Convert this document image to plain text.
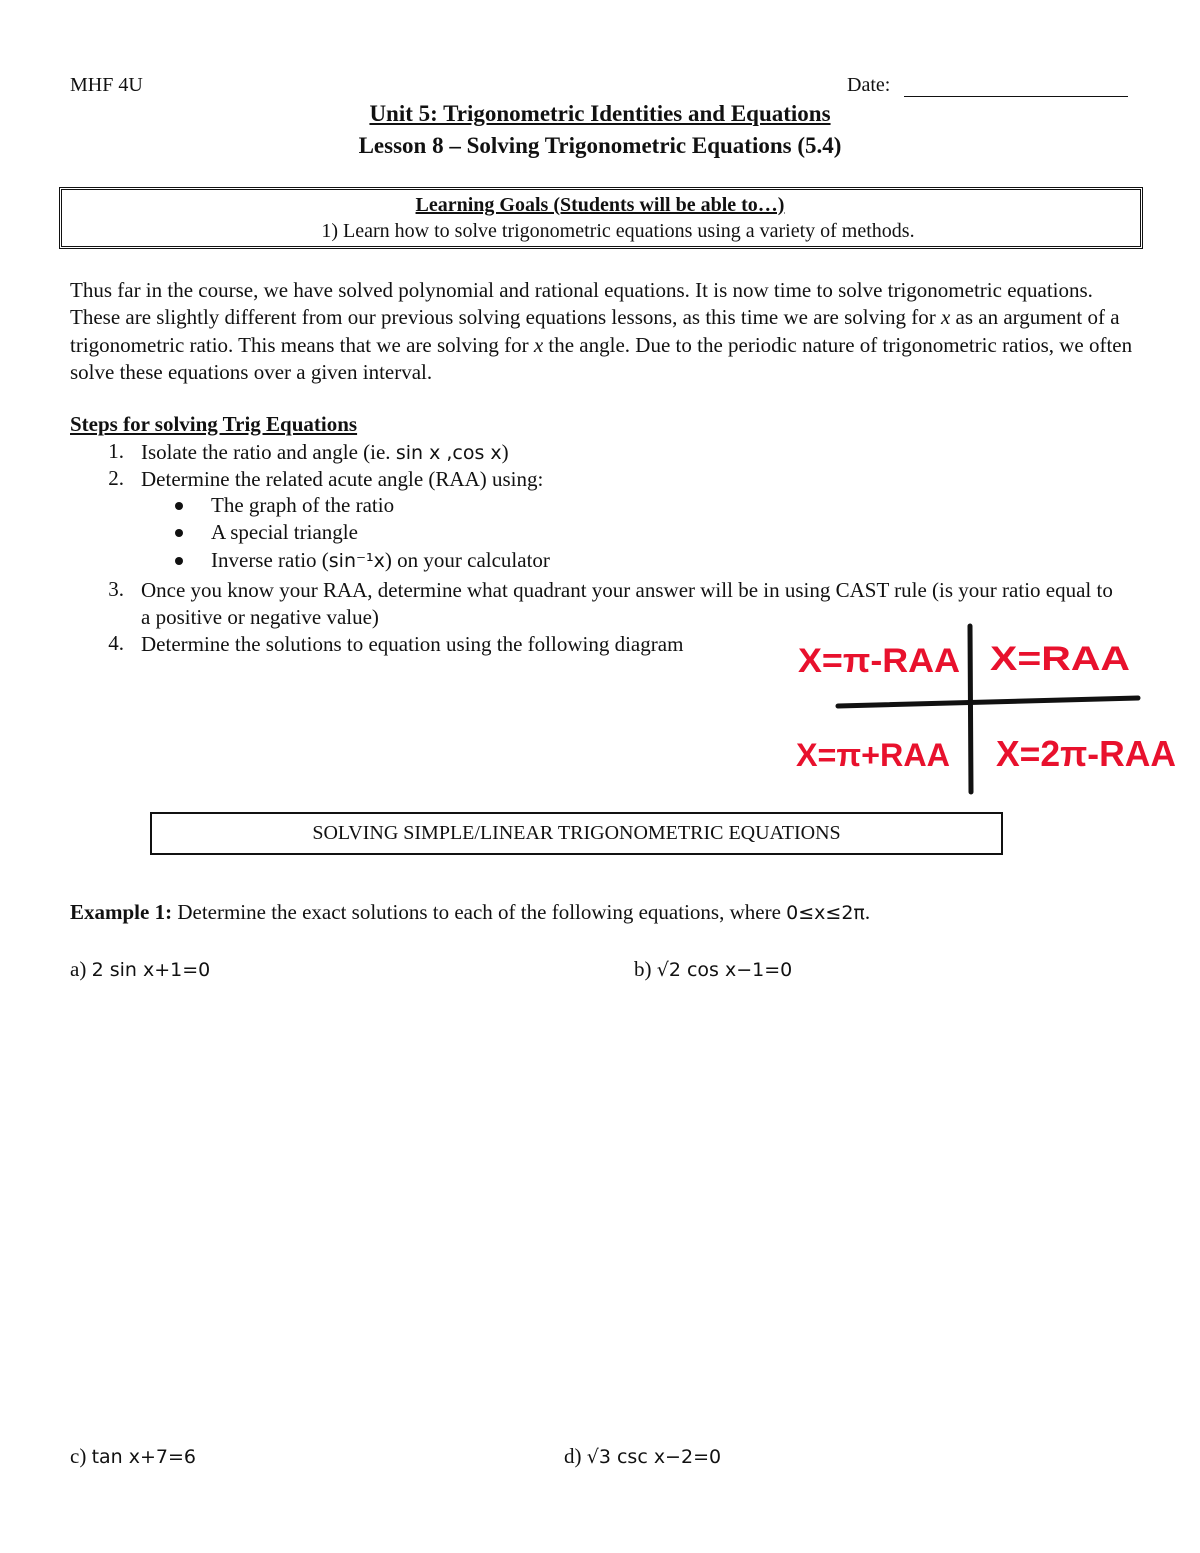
MHF 4U	Date:
Unit 5: Trigonometric Identities and Equations
Lesson 8 – Solving Trigonometric Equations (5.4)
Learning Goals (Students will be able to…)
1) Learn how to solve trigonometric equations using a variety of methods.
Thus far in the course, we have solved polynomial and rational equations. It is now time to solve trigonometric equations. These are slightly different from our previous solving equations lessons, as this time we are solving for x as an argument of a trigonometric ratio. This means that we are solving for x the angle. Due to the periodic nature of trigonometric ratios, we often solve these equations over a given interval.
Steps for solving Trig Equations
1. Isolate the ratio and angle (ie. sin x ,cos x)
2. Determine the related acute angle (RAA) using:
The graph of the ratio
A special triangle
Inverse ratio (sin⁻¹x) on your calculator
3. Once you know your RAA, determine what quadrant your answer will be in using CAST rule (is your ratio equal to a positive or negative value)
4. Determine the solutions to equation using the following diagram	X=π-RAA X=RAA
X=π+RAA X=2π-RAA
SOLVING SIMPLE/LINEAR TRIGONOMETRIC EQUATIONS
Example 1: Determine the exact solutions to each of the following equations, where 0≤x≤2π.
a) 2 sin x+1=0	b) √2 cos x−1=0
c) tan x+7=6	d) √3 csc x−2=0
